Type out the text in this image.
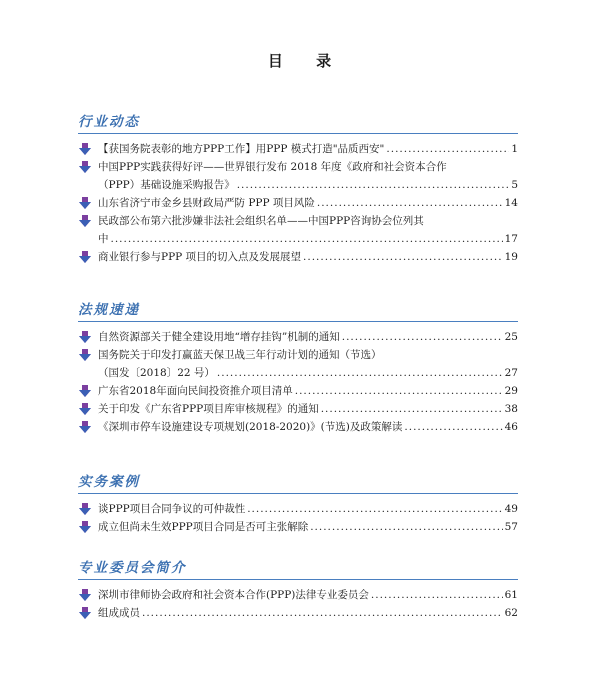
目 录
行业动态
【获国务院表彰的地方PPP工作】用PPP 模式打造"品质西安" .....	1
中国PPP实践获得好评——世界银行发布 2018 年度《政府和社会资本合作
（PPP）基础设施采购报告》 .....	5
山东省济宁市金乡县财政局严防 PPP 项目风险 .....	14
民政部公布第六批涉嫌非法社会组织名单——中国PPP咨询协会位列其
中 .....	17
商业银行参与PPP 项目的切入点及发展展望 .....	19
法规速递
自然资源部关于健全建设用地“增存挂钩”机制的通知 .....	25
国务院关于印发打赢蓝天保卫战三年行动计划的通知（节选）
（国发〔2018〕22 号） .....	27
广东省2018年面向民间投资推介项目清单 .....	29
关于印发《广东省PPP项目库审核规程》的通知 .....	38
《深圳市停车设施建设专项规划(2018-2020)》(节选)及政策解读 .....	46
实务案例
谈PPP项目合同争议的可仲裁性 .....	49
成立但尚未生效PPP项目合同是否可主张解除 .....	57
专业委员会简介
深圳市律师协会政府和社会资本合作(PPP)法律专业委员会 .....	61
组成成员 .....	62
